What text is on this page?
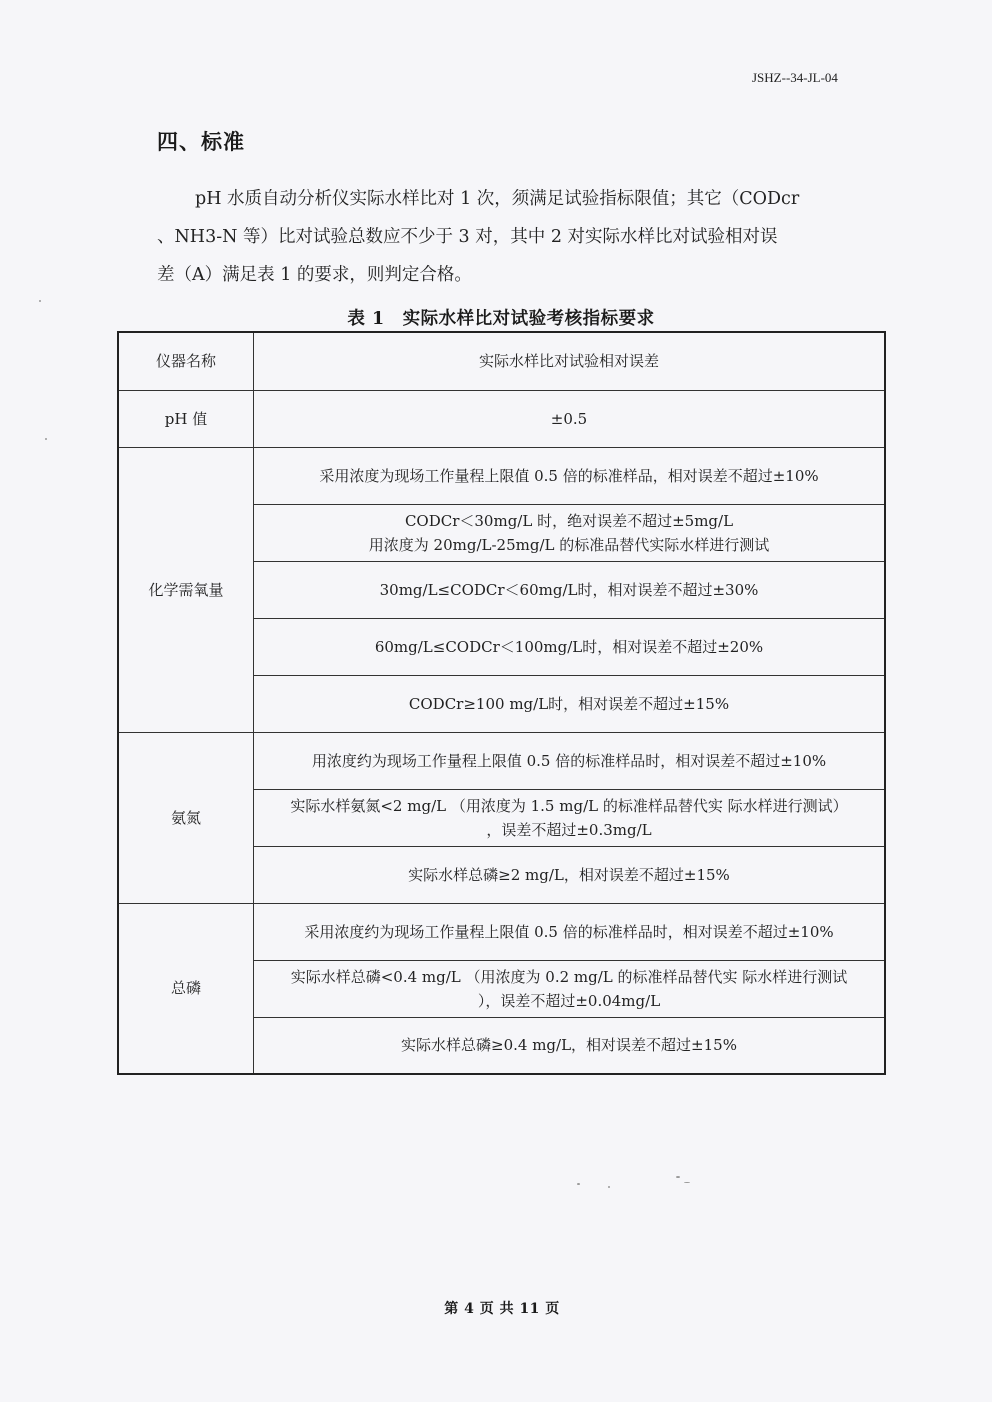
JSHZ--34-JL-04
四、标准
pH 水质自动分析仪实际水样比对 1 次，须满足试验指标限值；其它（CODcr
、NH3-N 等）比对试验总数应不少于 3 对，其中 2 对实际水样比对试验相对误
差（A）满足表 1 的要求，则判定合格。
表 1　实际水样比对试验考核指标要求
仪器名称	实际水样比对试验相对误差
pH 值	±0.5
化学需氧量	采用浓度为现场工作量程上限值 0.5 倍的标准样品，相对误差不超过±10%

	CODCr＜30mg/L 时，绝对误差不超过±5mg/L
用浓度为 20mg/L-25mg/L 的标准品替代实际水样进行测试

	30mg/L≤CODCr＜60mg/L时，相对误差不超过±30%
	60mg/L≤CODCr＜100mg/L时，相对误差不超过±20%
	CODCr≥100 mg/L时，相对误差不超过±15%
氨氮	用浓度约为现场工作量程上限值 0.5 倍的标准样品时，相对误差不超过±10%

	实际水样氨氮<2 mg/L （用浓度为 1.5 mg/L 的标准样品替代实 际水样进行测试）
，误差不超过±0.3mg/L

	实际水样总磷≥2 mg/L，相对误差不超过±15%
总磷	采用浓度约为现场工作量程上限值 0.5 倍的标准样品时，相对误差不超过±10%

	实际水样总磷<0.4 mg/L （用浓度为 0.2 mg/L 的标准样品替代实 际水样进行测试
），误差不超过±0.04mg/L

	实际水样总磷≥0.4 mg/L，相对误差不超过±15%
第 4 页 共 11 页
